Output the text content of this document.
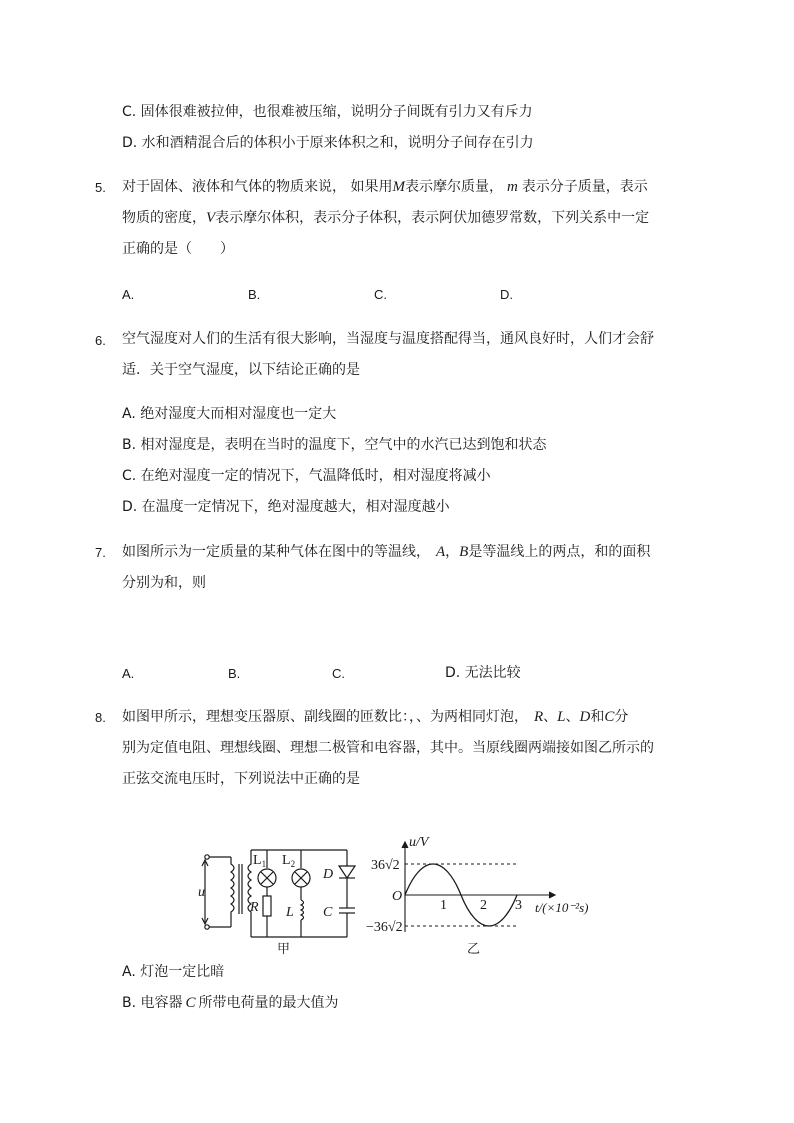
C. 固体很难被拉伸，也很难被压缩，说明分子间既有引力又有斥力
D. 水和酒精混合后的体积小于原来体积之和，说明分子间存在引力
5. 对于固体、液体和气体的物质来说， 如果用M表示摩尔质量， m 表示分子质量，表示
物质的密度，V表示摩尔体积，表示分子体积，表示阿伏加德罗常数，下列关系中一定
正确的是（　　）
A.	B.	C.	D.
6. 空气湿度对人们的生活有很大影响，当湿度与温度搭配得当，通风良好时，人们才会舒
适．关于空气湿度，以下结论正确的是
A. 绝对湿度大而相对湿度也一定大
B. 相对湿度是，表明在当时的温度下，空气中的水汽已达到饱和状态
C. 在绝对湿度一定的情况下，气温降低时，相对湿度将减小
D. 在温度一定情况下，绝对湿度越大，相对湿度越小
7. 如图所示为一定质量的某种气体在图中的等温线， A，B是等温线上的两点，和的面积
分别为和，则
A.	B.	C.	D. 无法比较
8. 如图甲所示，理想变压器原、副线圈的匝数比：，、为两相同灯泡， R、L、D和C分
别为定值电阻、理想线圈、理想二极管和电容器，其中。当原线圈两端接如图乙所示的
正弦交流电压时，下列说法中正确的是
u
$L_1$ $L_2$
R L
D
C
甲
u/V
O
36√2
−36√2
1 2 3 t/(×10⁻²s)
乙
A. 灯泡一定比暗
B. 电容器 C 所带电荷量的最大值为
